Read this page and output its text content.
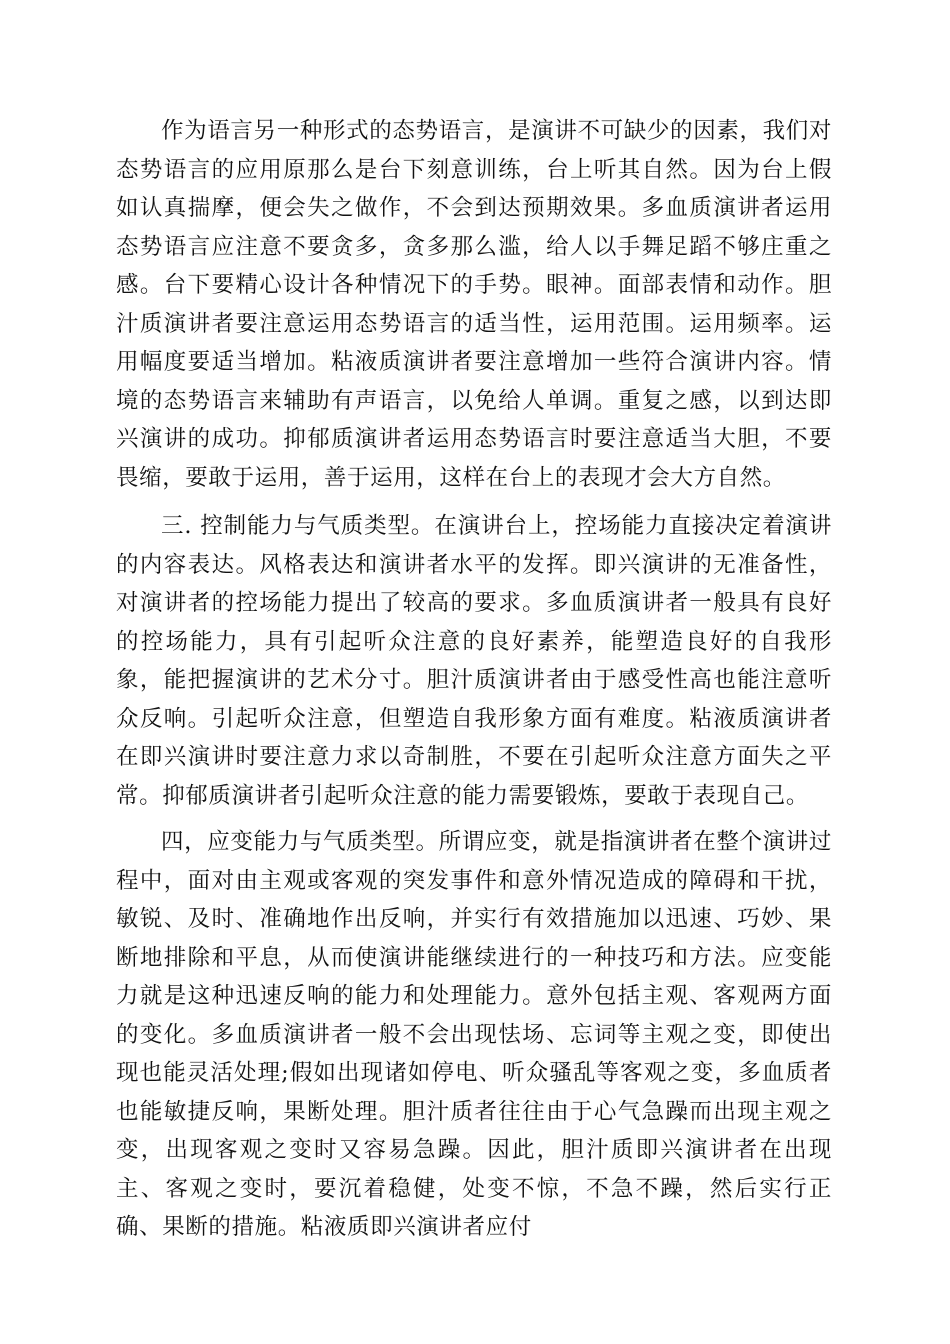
作为语言另一种形式的态势语言，是演讲不可缺少的因素，我们对态势语言的应用原那么是台下刻意训练，台上听其自然。因为台上假如认真揣摩，便会失之做作，不会到达预期效果。多血质演讲者运用态势语言应注意不要贪多，贪多那么滥，给人以手舞足蹈不够庄重之感。台下要精心设计各种情况下的手势。眼神。面部表情和动作。胆汁质演讲者要注意运用态势语言的适当性，运用范围。运用频率。运用幅度要适当增加。粘液质演讲者要注意增加一些符合演讲内容。情境的态势语言来辅助有声语言，以免给人单调。重复之感，以到达即兴演讲的成功。抑郁质演讲者运用态势语言时要注意适当大胆，不要畏缩，要敢于运用，善于运用，这样在台上的表现才会大方自然。

三. 控制能力与气质类型。在演讲台上，控场能力直接决定着演讲的内容表达。风格表达和演讲者水平的发挥。即兴演讲的无准备性，对演讲者的控场能力提出了较高的要求。多血质演讲者一般具有良好的控场能力，具有引起听众注意的良好素养，能塑造良好的自我形象，能把握演讲的艺术分寸。胆汁质演讲者由于感受性高也能注意听众反响。引起听众注意，但塑造自我形象方面有难度。粘液质演讲者在即兴演讲时要注意力求以奇制胜，不要在引起听众注意方面失之平常。抑郁质演讲者引起听众注意的能力需要锻炼，要敢于表现自己。

四，应变能力与气质类型。所谓应变，就是指演讲者在整个演讲过程中，面对由主观或客观的突发事件和意外情况造成的障碍和干扰，敏锐、及时、准确地作出反响，并实行有效措施加以迅速、巧妙、果断地排除和平息，从而使演讲能继续进行的一种技巧和方法。应变能力就是这种迅速反响的能力和处理能力。意外包括主观、客观两方面的变化。多血质演讲者一般不会出现怯场、忘词等主观之变，即使出现也能灵活处理;假如出现诸如停电、听众骚乱等客观之变，多血质者也能敏捷反响，果断处理。胆汁质者往往由于心气急躁而出现主观之变，出现客观之变时又容易急躁。因此，胆汁质即兴演讲者在出现主、客观之变时，要沉着稳健，处变不惊，不急不躁，然后实行正确、果断的措施。粘液质即兴演讲者应付
